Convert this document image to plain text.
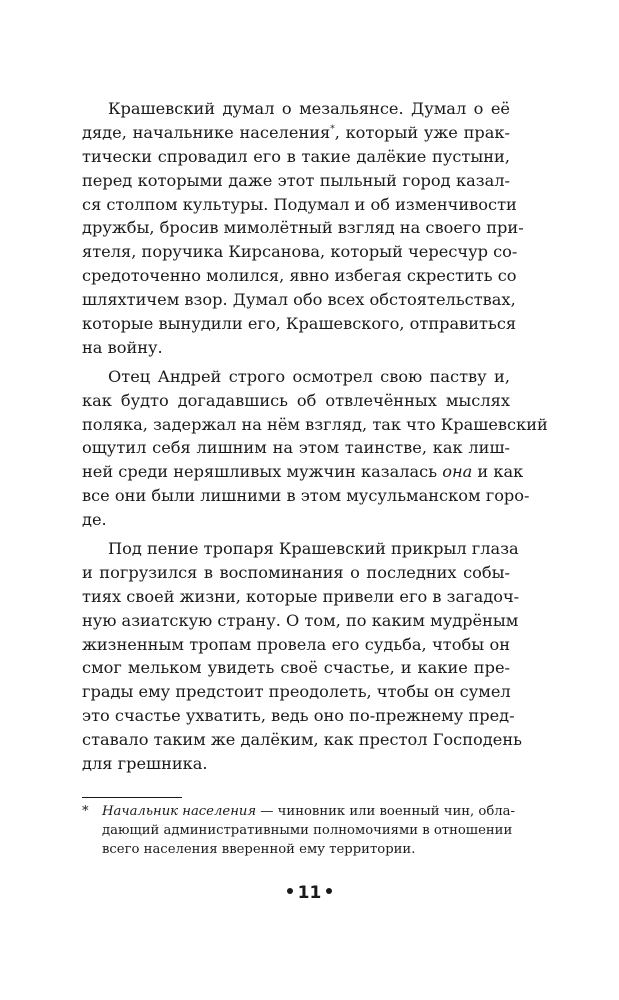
Крашевский думал о мезальянсе. Думал о её
дяде, начальнике населения*, который уже прак-
тически спровадил его в такие далёкие пустыни,
перед которыми даже этот пыльный город казал-
ся столпом культуры. Подумал и об изменчивости
дружбы, бросив мимолётный взгляд на своего при-
ятеля, поручика Кирсанова, который чересчур со-
средоточенно молился, явно избегая скрестить со
шляхтичем взор. Думал обо всех обстоятельствах,
которые вынудили его, Крашевского, отправиться
на войну.

Отец Андрей строго осмотрел свою паству и,
как будто догадавшись об отвлечённых мыслях
поляка, задержал на нём взгляд, так что Крашевский
ощутил себя лишним на этом таинстве, как лиш-
ней среди неряшливых мужчин казалась она и как
все они были лишними в этом мусульманском горо-
де.

Под пение тропаря Крашевский прикрыл глаза
и погрузился в воспоминания о последних собы-
тиях своей жизни, которые привели его в загадоч-
ную азиатскую страну. О том, по каким мудрёным
жизненным тропам провела его судьба, чтобы он
смог мельком увидеть своё счастье, и какие пре-
грады ему предстоит преодолеть, чтобы он сумел
это счастье ухватить, ведь оно по-прежнему пред-
ставало таким же далёким, как престол Господень
для грешника.

* Начальник населения — чиновник или военный чин, обла-
дающий административными полномочиями в отношении
всего населения вверенной ему территории.
11
